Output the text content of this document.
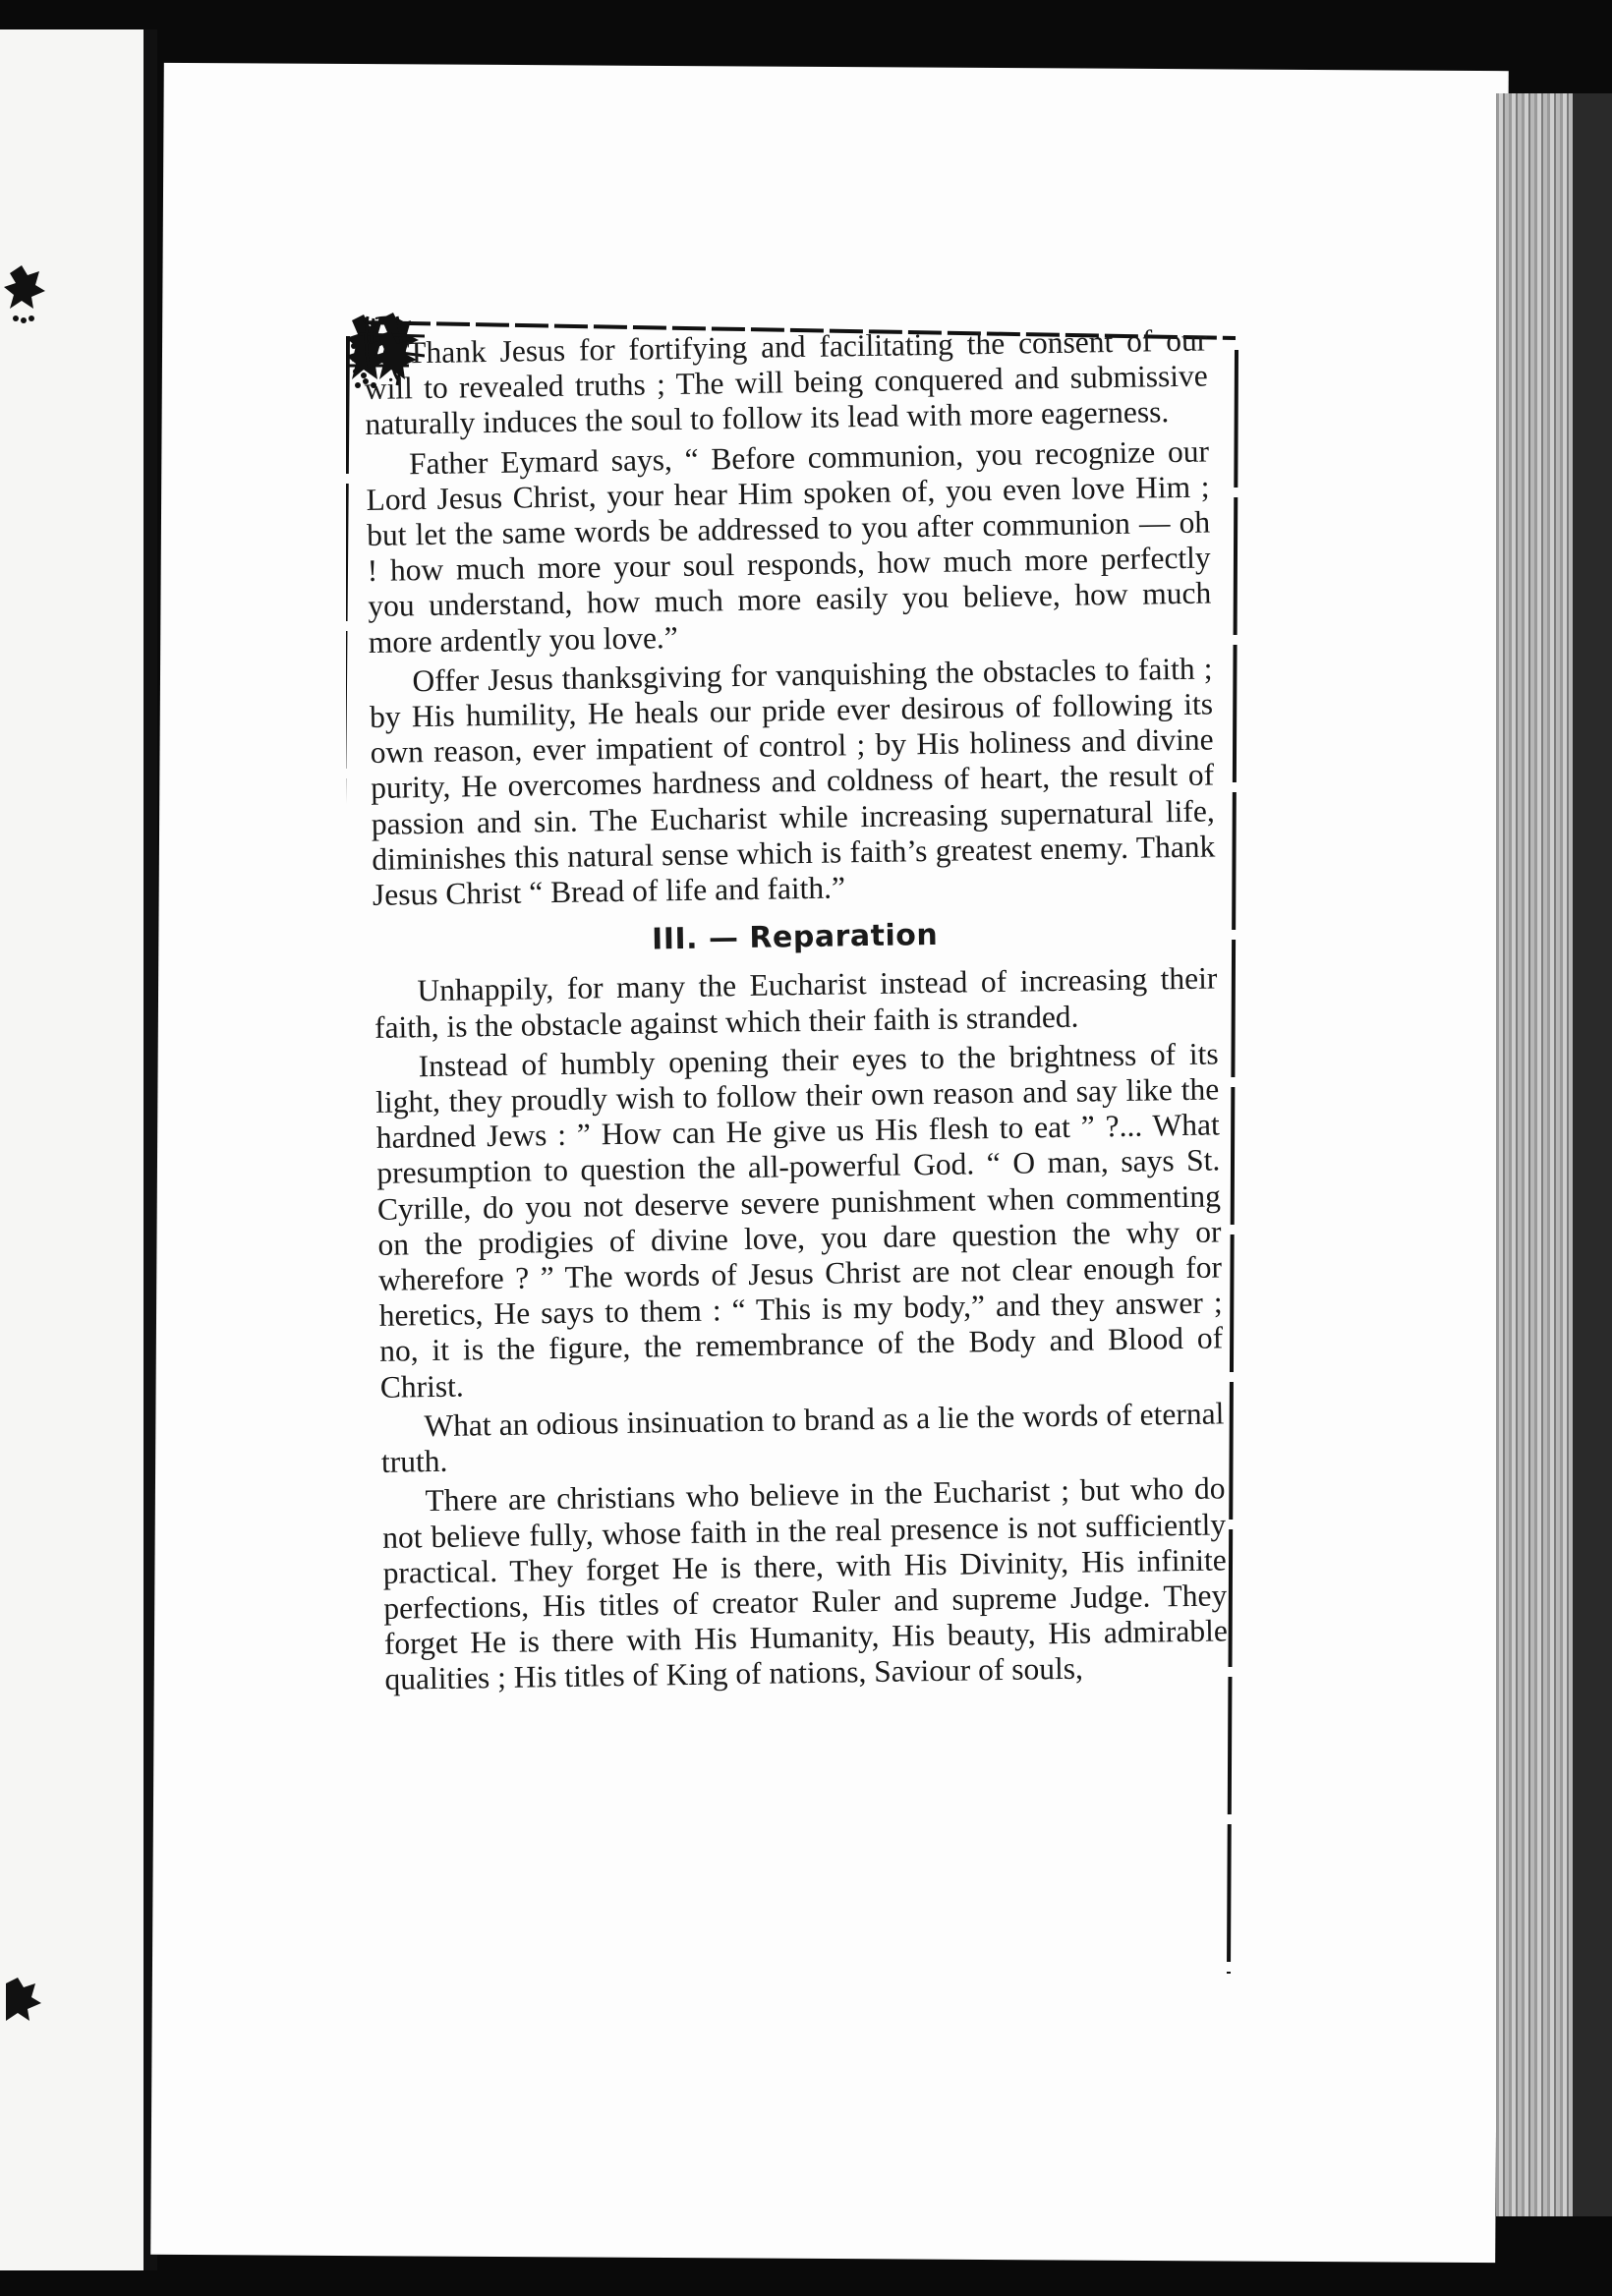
Thank Jesus for fortifying and facilitating the consent of our will to revealed truths ; The will being conquered and submissive naturally induces the soul to follow its lead with more eagerness.

Father Eymard says, “ Before communion, you recognize our Lord Jesus Christ, your hear Him spoken of, you even love Him ; but let the same words be addressed to you after communion — oh ! how much more your soul responds, how much more perfectly you understand, how much more easily you believe, how much more ardently you love.”

Offer Jesus thanksgiving for vanquishing the obstacles to faith ; by His humility, He heals our pride ever desirous of following its own reason, ever impatient of control ; by His holiness and divine purity, He overcomes hardness and coldness of heart, the result of passion and sin. The Eucharist while increasing supernatural life, diminishes this natural sense which is faith’s greatest enemy. Thank Jesus Christ “ Bread of life and faith.”

III. — Reparation

Unhappily, for many the Eucharist instead of increasing their faith, is the obstacle against which their faith is stranded.

Instead of humbly opening their eyes to the brightness of its light, they proudly wish to follow their own reason and say like the hardned Jews : ” How can He give us His flesh to eat ” ?... What presumption to question the all-powerful God. “ O man, says St. Cyrille, do you not deserve severe punishment when commenting on the prodigies of divine love, you dare question the why or wherefore ? ” The words of Jesus Christ are not clear enough for heretics, He says to them : “ This is my body,” and they answer ; no, it is the figure, the remembrance of the Body and Blood of Christ.

What an odious insinuation to brand as a lie the words of eternal truth.

There are christians who believe in the Eucharist ; but who do not believe fully, whose faith in the real presence is not sufficiently practical. They forget He is there, with His Divinity, His infinite perfections, His titles of creator Ruler and supreme Judge. They forget He is there with His Humanity, His beauty, His admirable qualities ; His titles of King of nations, Saviour of souls,
